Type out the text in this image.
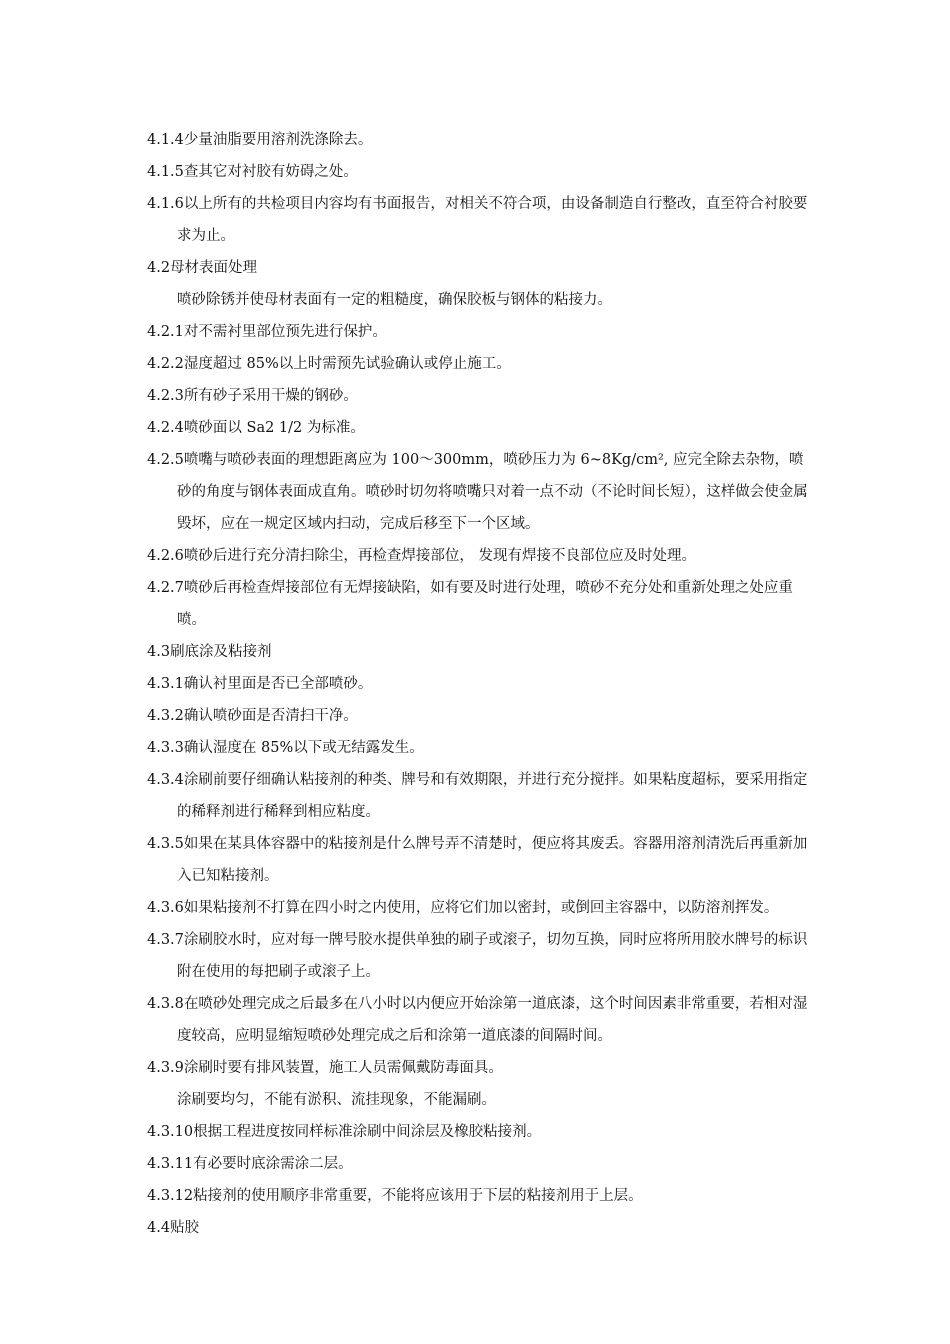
4.1.4少量油脂要用溶剂洗涤除去。

4.1.5查其它对衬胶有妨碍之处。

4.1.6以上所有的共检项目内容均有书面报告，对相关不符合项，由设备制造自行整改，直至符合衬胶要求为止。

4.2母材表面处理

喷砂除锈并使母材表面有一定的粗糙度，确保胶板与钢体的粘接力。

4.2.1对不需衬里部位预先进行保护。

4.2.2湿度超过 85%以上时需预先试验确认或停止施工。

4.2.3所有砂子采用干燥的钢砂。

4.2.4喷砂面以 Sa2 1/2 为标准。

4.2.5喷嘴与喷砂表面的理想距离应为 100～300mm，喷砂压力为 6~8Kg/cm², 应完全除去杂物，喷砂的角度与钢体表面成直角。喷砂时切勿将喷嘴只对着一点不动（不论时间长短），这样做会使金属毁坏，应在一规定区域内扫动，完成后移至下一个区域。

4.2.6喷砂后进行充分清扫除尘，再检查焊接部位， 发现有焊接不良部位应及时处理。

4.2.7喷砂后再检查焊接部位有无焊接缺陷，如有要及时进行处理，喷砂不充分处和重新处理之处应重喷。

4.3刷底涂及粘接剂

4.3.1确认衬里面是否已全部喷砂。

4.3.2确认喷砂面是否清扫干净。

4.3.3确认湿度在 85%以下或无结露发生。

4.3.4涂刷前要仔细确认粘接剂的种类、牌号和有效期限，并进行充分搅拌。如果粘度超标，要采用指定的稀释剂进行稀释到相应粘度。

4.3.5如果在某具体容器中的粘接剂是什么牌号弄不清楚时，便应将其废丢。容器用溶剂清洗后再重新加入已知粘接剂。

4.3.6如果粘接剂不打算在四小时之内使用，应将它们加以密封，或倒回主容器中，以防溶剂挥发。

4.3.7涂刷胶水时，应对每一牌号胶水提供单独的刷子或滚子，切勿互换，同时应将所用胶水牌号的标识附在使用的每把刷子或滚子上。

4.3.8在喷砂处理完成之后最多在八小时以内便应开始涂第一道底漆，这个时间因素非常重要，若相对湿度较高，应明显缩短喷砂处理完成之后和涂第一道底漆的间隔时间。

4.3.9涂刷时要有排风装置，施工人员需佩戴防毒面具。

涂刷要均匀，不能有淤积、流挂现象，不能漏刷。

4.3.10根据工程进度按同样标准涂刷中间涂层及橡胶粘接剂。

4.3.11有必要时底涂需涂二层。

4.3.12粘接剂的使用顺序非常重要，不能将应该用于下层的粘接剂用于上层。

4.4贴胶
